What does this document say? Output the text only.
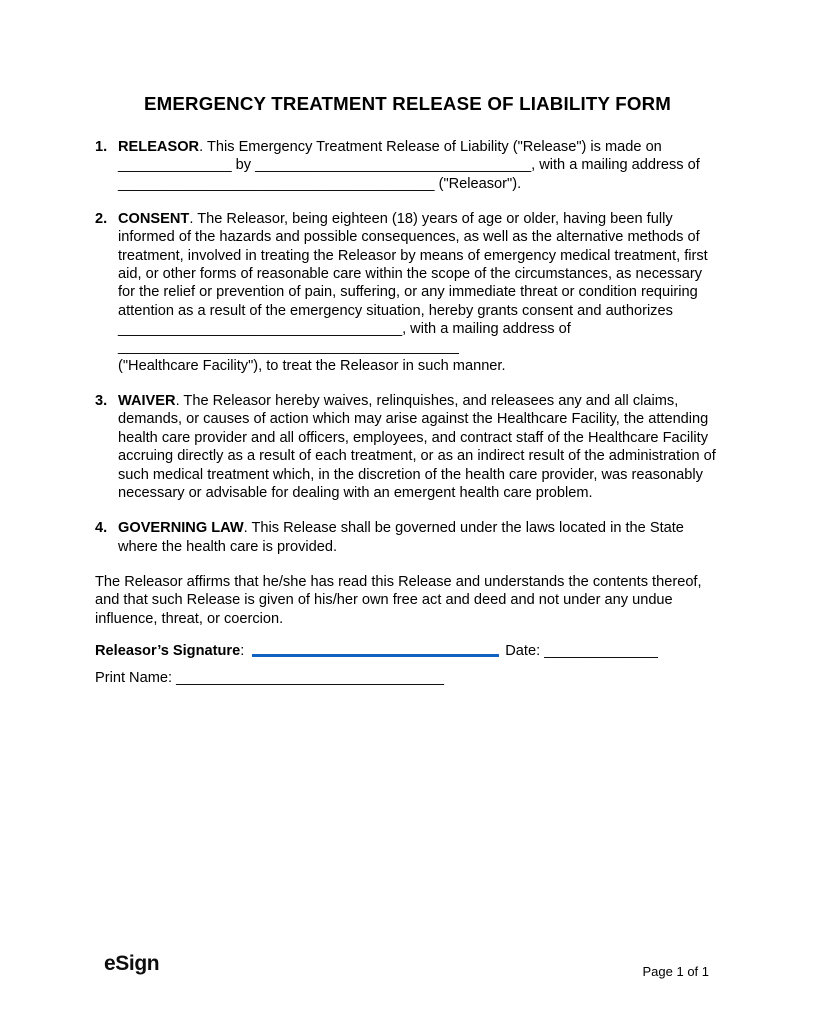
EMERGENCY TREATMENT RELEASE OF LIABILITY FORM
1. RELEASOR. This Emergency Treatment Release of Liability ("Release") is made on ______________ by __________________________________, with a mailing address of _______________________________________ ("Releasor").

2. CONSENT. The Releasor, being eighteen (18) years of age or older, having been fully informed of the hazards and possible consequences, as well as the alternative methods of treatment, involved in treating the Releasor by means of emergency medical treatment, first aid, or other forms of reasonable care within the scope of the circumstances, as necessary for the relief or prevention of pain, suffering, or any immediate threat or condition requiring attention as a result of the emergency situation, hereby grants consent and authorizes ___________________________________, with a mailing address of __________________________________________
("Healthcare Facility"), to treat the Releasor in such manner.

3. WAIVER. The Releasor hereby waives, relinquishes, and releasees any and all claims, demands, or causes of action which may arise against the Healthcare Facility, the attending health care provider and all officers, employees, and contract staff of the Healthcare Facility accruing directly as a result of each treatment, or as an indirect result of the administration of such medical treatment which, in the discretion of the health care provider, was reasonably necessary or advisable for dealing with an emergent health care problem.

4. GOVERNING LAW. This Release shall be governed under the laws located in the State where the health care is provided.

The Releasor affirms that he/she has read this Release and understands the contents thereof, and that such Release is given of his/her own free act and deed and not under any undue influence, threat, or coercion.

Releasor’s Signature:	Date: ______________
Print Name: _________________________________
eSign	Page 1 of 1
